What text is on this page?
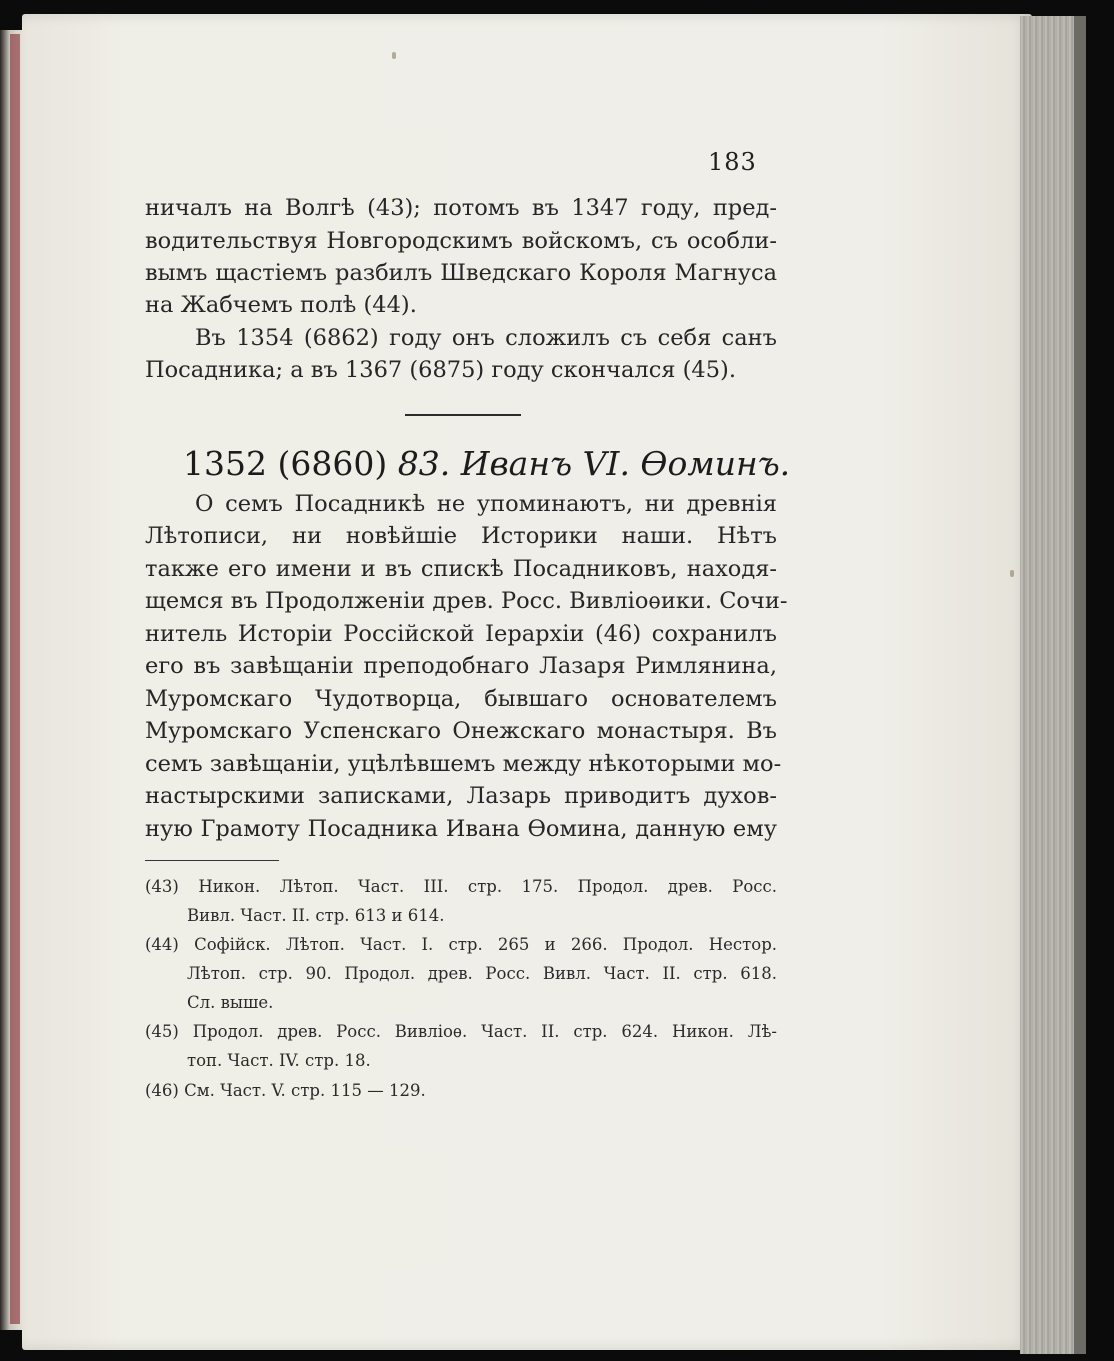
183
ничалъ на Волгѣ (43); потомъ въ 1347 году, пред-
водительствуя Новгородскимъ войскомъ, съ особли-
вымъ щастіемъ разбилъ Шведскаго Короля Магнуса
на Жабчемъ полѣ (44).
Въ 1354 (6862) году онъ сложилъ съ себя санъ
Посадника; а въ 1367 (6875) году скончался (45).
1352 (6860) 83. Иванъ VI. Ѳоминъ.
О семъ Посадникѣ не упоминаютъ, ни древнія
Лѣтописи, ни новѣйшіе Историки наши. Нѣтъ
также его имени и въ спискѣ Посадниковъ, находя-
щемся въ Продолженіи древ. Росс. Вивліоѳики. Сочи-
нитель Исторіи Россійской Іерархіи (46) сохранилъ
его въ завѣщаніи преподобнаго Лазаря Римлянина,
Муромскаго Чудотворца, бывшаго основателемъ
Муромскаго Успенскаго Онежскаго монастыря. Въ
семъ завѣщаніи, уцѣлѣвшемъ между нѣкоторыми мо-
настырскими записками, Лазарь приводитъ духов-
ную Грамоту Посадника Ивана Ѳомина, данную ему
(43) Никон. Лѣтоп. Част. III. стр. 175. Продол. древ. Росс.
Вивл. Част. II. стр. 613 и 614.
(44) Софійск. Лѣтоп. Част. I. стр. 265 и 266. Продол. Нестор.
Лѣтоп. стр. 90. Продол. древ. Росс. Вивл. Част. II. стр. 618.
Сл. выше.
(45) Продол. древ. Росс. Вивліоѳ. Част. II. стр. 624. Никон. Лѣ-
топ. Част. IV. стр. 18.
(46) См. Част. V. стр. 115 — 129.
